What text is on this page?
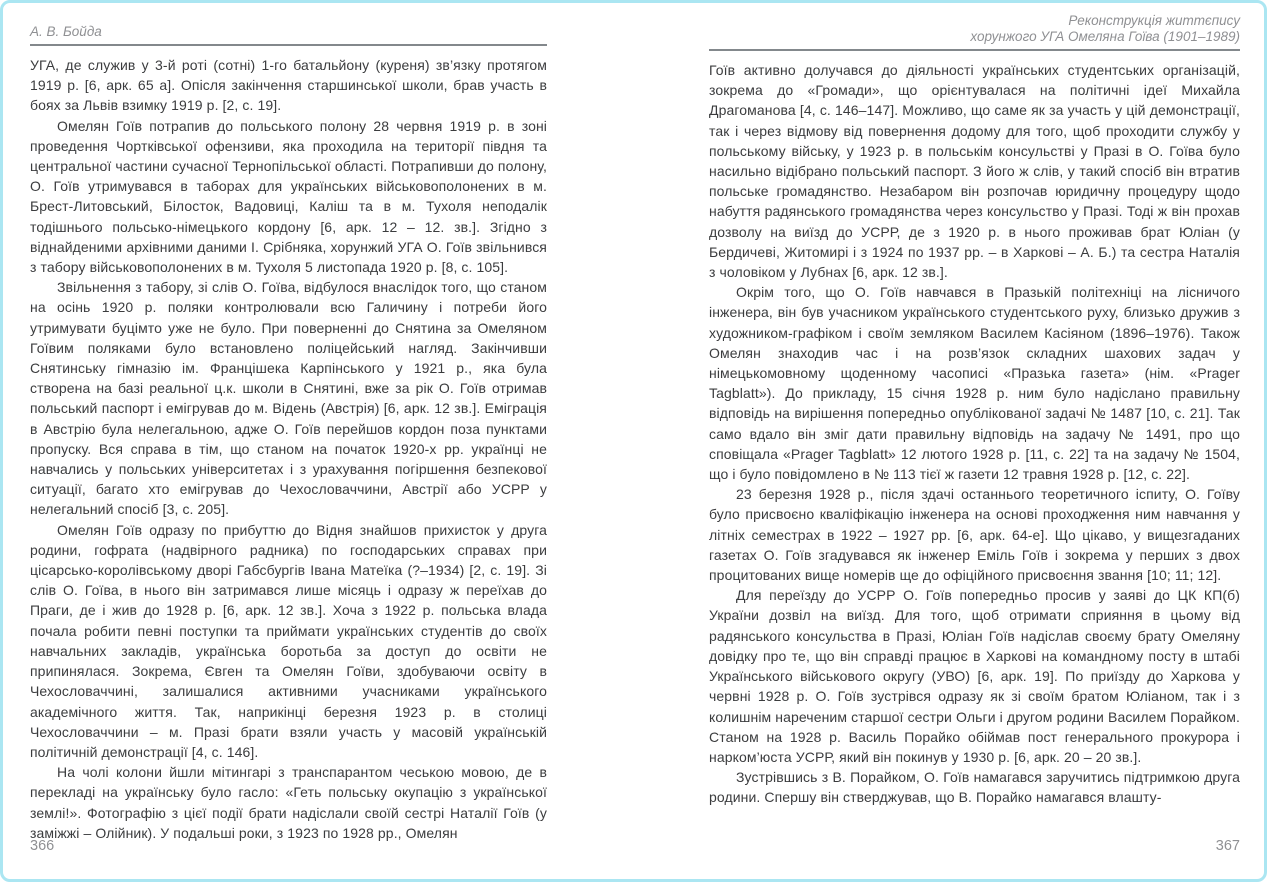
А. В. Бойда

УГА, де служив у 3-й роті (сотні) 1-го батальйону (куреня) зв’язку протягом 1919 р. [6, арк. 65 а]. Опісля закінчення старшинської школи, брав участь в боях за Львів взимку 1919 р. [2, с. 19].

Омелян Гоїв потрапив до польського полону 28 червня 1919 р. в зоні проведення Чортківської офензиви, яка проходила на території півдня та центральної частини сучасної Тернопільської області. Потрапивши до полону, О. Гоїв утримувався в таборах для українських військовополонених в м. Брест-Литовський, Білосток, Вадовиці, Каліш та в м. Тухоля неподалік тодішнього польсько-німецького кордону [6, арк. 12 – 12. зв.]. Згідно з віднайденими архівними даними І. Срібняка, хорунжий УГА О. Гоїв звільнився з табору військовополонених в м. Тухоля 5 листопада 1920 р. [8, с. 105].

Звільнення з табору, зі слів О. Гоїва, відбулося внаслідок того, що станом на осінь 1920 р. поляки контролювали всю Галичину і потреби його утримувати буцімто уже не було. При поверненні до Снятина за Омеляном Гоївим поляками було встановлено поліцейський нагляд. Закінчивши Снятинську гімназію ім. Францішека Карпінського у 1921 р., яка була створена на базі реальної ц.к. школи в Снятині, вже за рік О. Гоїв отримав польський паспорт і емігрував до м. Відень (Австрія) [6, арк. 12 зв.]. Еміграція в Австрію була нелегальною, адже О. Гоїв перейшов кордон поза пунктами пропуску. Вся справа в тім, що станом на початок 1920-х рр. українці не навчались у польських університетах і з урахування погіршення безпекової ситуації, багато хто емігрував до Чехословаччини, Австрії або УСРР у нелегальний спосіб [3, с. 205].

Омелян Гоїв одразу по прибуттю до Відня знайшов прихисток у друга родини, гофрата (надвірного радника) по господарських справах при цісарсько-королівському дворі Габсбургів Івана Матеїка (?–1934) [2, с. 19]. Зі слів О. Гоїва, в нього він затримався лише місяць і одразу ж переїхав до Праги, де і жив до 1928 р. [6, арк. 12 зв.]. Хоча з 1922 р. польська влада почала робити певні поступки та приймати українських студентів до своїх навчальних закладів, українська боротьба за доступ до освіти не припинялася. Зокрема, Євген та Омелян Гоїви, здобуваючи освіту в Чехословаччині, залишалися активними учасниками українського академічного життя. Так, наприкінці березня 1923 р. в столиці Чехословаччини – м. Празі брати взяли участь у масовій українській політичній демонстрації [4, с. 146].

На чолі колони йшли мітингарі з транспарантом чеською мовою, де в перекладі на українську було гасло: «Геть польську окупацію з української землі!». Фотографію з цієї події брати надіслали своїй сестрі Наталії Гоїв (у заміжжі – Олійник). У подальші роки, з 1923 по 1928 рр., Омелян

366
Реконструкція життєпису
хорунжого УГА Омеляна Гоїва (1901–1989)

Гоїв активно долучався до діяльності українських студентських організацій, зокрема до «Громади», що орієнтувалася на політичні ідеї Михайла Драгоманова [4, с. 146–147]. Можливо, що саме як за участь у цій демонстрації, так і через відмову від повернення додому для того, щоб проходити службу у польському війську, у 1923 р. в польськім консульстві у Празі в О. Гоїва було насильно відібрано польський паспорт. З його ж слів, у такий спосіб він втратив польське громадянство. Незабаром він розпочав юридичну процедуру щодо набуття радянського громадянства через консульство у Празі. Тоді ж він прохав дозволу на виїзд до УСРР, де з 1920 р. в нього проживав брат Юліан (у Бердичеві, Житомирі і з 1924 по 1937 рр. – в Харкові – А. Б.) та сестра Наталія з чоловіком у Лубнах [6, арк. 12 зв.].

Окрім того, що О. Гоїв навчався в Празькій політехніці на лісничого інженера, він був учасником українського студентського руху, близько дружив з художником-графіком і своїм земляком Василем Касіяном (1896–1976). Також Омелян знаходив час і на розв’язок складних шахових задач у німецькомовному щоденному часописі «Празька газета» (нім. «Prager Tagblatt»). До прикладу, 15 січня 1928 р. ним було надіслано правильну відповідь на вирішення попередньо опублікованої задачі № 1487 [10, с. 21]. Так само вдало він зміг дати правильну відповідь на задачу № 1491, про що сповіщала «Prager Tagblatt» 12 лютого 1928 р. [11, с. 22] та на задачу № 1504, що і було повідомлено в № 113 тієї ж газети 12 травня 1928 р. [12, с. 22].

23 березня 1928 р., після здачі останнього теоретичного іспиту, О. Гоїву було присвоєно кваліфікацію інженера на основі проходження ним навчання у літніх семестрах в 1922 – 1927 рр. [6, арк. 64-е]. Що цікаво, у вищезгаданих газетах О. Гоїв згадувався як інженер Еміль Гоїв і зокрема у перших з двох процитованих вище номерів ще до офіційного присвоєння звання [10; 11; 12].

Для переїзду до УСРР О. Гоїв попередньо просив у заяві до ЦК КП(б) України дозвіл на виїзд. Для того, щоб отримати сприяння в цьому від радянського консульства в Празі, Юліан Гоїв надіслав своєму брату Омеляну довідку про те, що він справді працює в Харкові на командному посту в штабі Українського військового округу (УВО) [6, арк. 19]. По приїзду до Харкова у червні 1928 р. О. Гоїв зустрівся одразу як зі своїм братом Юліаном, так і з колишнім нареченим старшої сестри Ольги і другом родини Василем Порайком. Станом на 1928 р. Василь Порайко обіймав пост генерального прокурора і нарком’юста УСРР, який він покинув у 1930 р. [6, арк. 20 – 20 зв.].

Зустрівшись з В. Порайком, О. Гоїв намагався заручитись підтримкою друга родини. Спершу він стверджував, що В. Порайко намагався влашту-

367
